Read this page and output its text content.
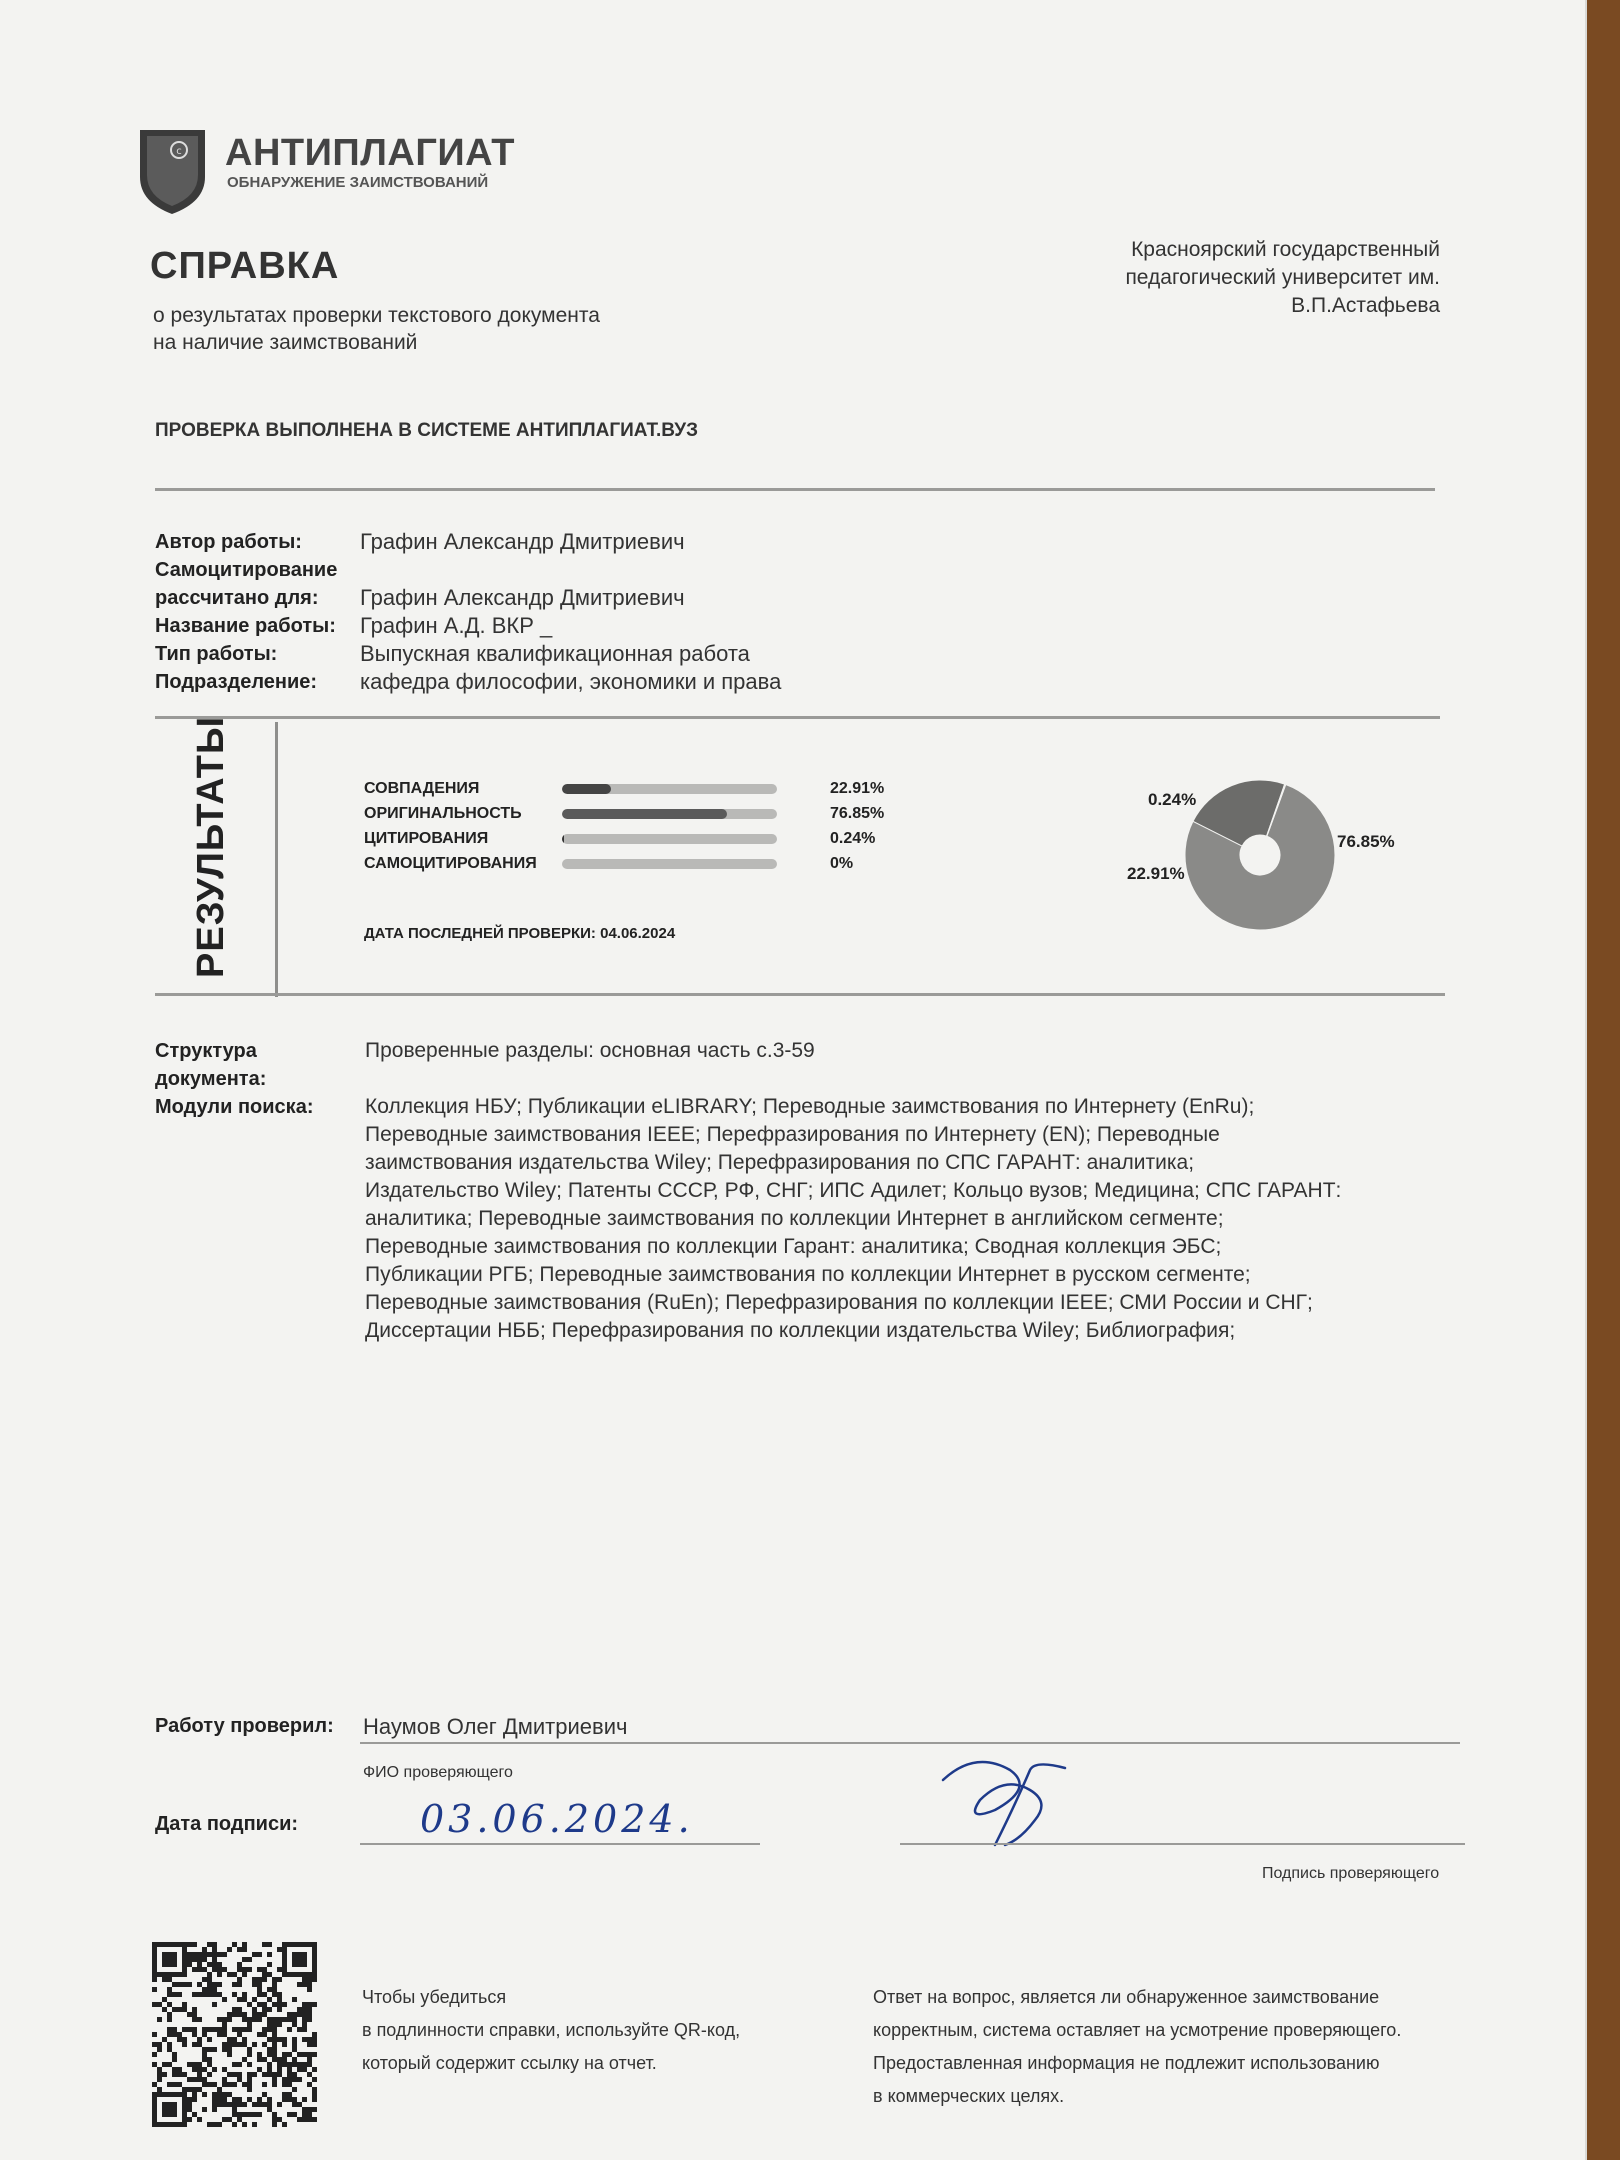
c АНТИПЛАГИАТ
ОБНАРУЖЕНИЕ ЗАИМСТВОВАНИЙ
СПРАВКА
о результатах проверки текстового документа
на наличие заимствований
Красноярский государственный
педагогический университет им.
В.П.Астафьева
ПРОВЕРКА ВЫПОЛНЕНА В СИСТЕМЕ АНТИПЛАГИАТ.ВУЗ
Автор работы:	Графин Александр Дмитриевич
Самоцитирование
рассчитано для:	Графин Александр Дмитриевич
Название работы:	Графин А.Д. ВКР _
Тип работы:	Выпускная квалификационная работа
Подразделение:	кафедра философии, экономики и права
РЕЗУЛЬТАТЫ	СОВПАДЕНИЯ	22.91%
ОРИГИНАЛЬНОСТЬ	76.85%
ЦИТИРОВАНИЯ	0.24%
САМОЦИТИРОВАНИЯ	0%
ДАТА ПОСЛЕДНЕЙ ПРОВЕРКИ: 04.06.2024
0.24%
76.85%
22.91%
Структура
документа:
Проверенные разделы: основная часть с.3-59
Модули поиска:	Коллекция НБУ; Публикации eLIBRARY; Переводные заимствования по Интернету (EnRu);
Переводные заимствования IEEE; Перефразирования по Интернету (EN); Переводные
заимствования издательства Wiley; Перефразирования по СПС ГАРАНТ: аналитика;
Издательство Wiley; Патенты СССР, РФ, СНГ; ИПС Адилет; Кольцо вузов; Медицина; СПС ГАРАНТ:
аналитика; Переводные заимствования по коллекции Интернет в английском сегменте;
Переводные заимствования по коллекции Гарант: аналитика; Сводная коллекция ЭБС;
Публикации РГБ; Переводные заимствования по коллекции Интернет в русском сегменте;
Переводные заимствования (RuEn); Перефразирования по коллекции IEEE; СМИ России и СНГ;
Диссертации НББ; Перефразирования по коллекции издательства Wiley; Библиография;
Работу проверил: Наумов Олег Дмитриевич
ФИО проверяющего
Дата подписи:	03.06.2024.
Подпись проверяющего
Чтобы убедиться
в подлинности справки, используйте QR-код,
который содержит ссылку на отчет.
Ответ на вопрос, является ли обнаруженное заимствование
корректным, система оставляет на усмотрение проверяющего.
Предоставленная информация не подлежит использованию
в коммерческих целях.
